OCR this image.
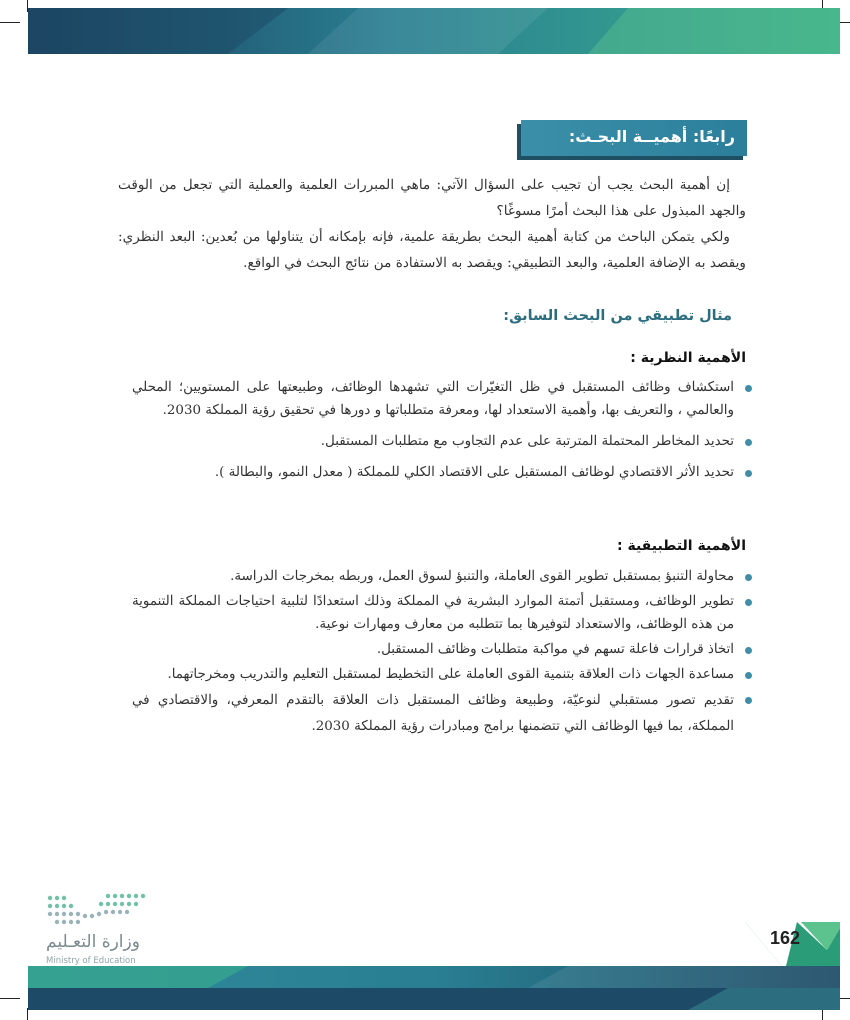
رابعًا: أهميــة البحـث:

إن أهمية البحث يجب أن تجيب على السؤال الآتي: ماهي المبررات العلمية والعملية التي تجعل من الوقت والجهد المبذول على هذا البحث أمرًا مسوغًا؟

ولكي يتمكن الباحث من كتابة أهمية البحث بطريقة علمية، فإنه بإمكانه أن يتناولها من بُعدين: البعد النظري: ويقصد به الإضافة العلمية، والبعد التطبيقي: ويقصد به الاستفادة من نتائج البحث في الواقع.

مثال تطبيقي من البحث السابق:
الأهمية النظرية :
استكشاف وظائف المستقبل في ظل التغيّرات التي تشهدها الوظائف، وطبيعتها على المستويين؛ المحلي والعالمي ، والتعريف بها، وأهمية الاستعداد لها، ومعرفة متطلباتها و دورها في تحقيق رؤية المملكة 2030.
تحديد المخاطر المحتملة المترتبة على عدم التجاوب مع متطلبات المستقبل.
تحديد الأثر الاقتصادي لوظائف المستقبل على الاقتصاد الكلي للمملكة ( معدل النمو، والبطالة ).
الأهمية التطبيقية :
محاولة التنبؤ بمستقبل تطوير القوى العاملة، والتنبؤ لسوق العمل، وربطه بمخرجات الدراسة.
تطوير الوظائف، ومستقبل أتمتة الموارد البشرية في المملكة وذلك استعدادًا لتلبية احتياجات المملكة التنموية من هذه الوظائف، والاستعداد لتوفيرها بما تتطلبه من معارف ومهارات نوعية.
اتخاذ قرارات فاعلة تسهم في مواكبة متطلبات وظائف المستقبل.
مساعدة الجهات ذات العلاقة بتنمية القوى العاملة على التخطيط لمستقبل التعليم والتدريب ومخرجاتهما.
تقديم تصور مستقبلي لنوعيّة، وطبيعة وظائف المستقبل ذات العلاقة بالتقدم المعرفي، والاقتصادي في المملكة، بما فيها الوظائف التي تتضمنها برامج ومبادرات رؤية المملكة 2030.
وزارة التعـليم
Ministry of Education
162
